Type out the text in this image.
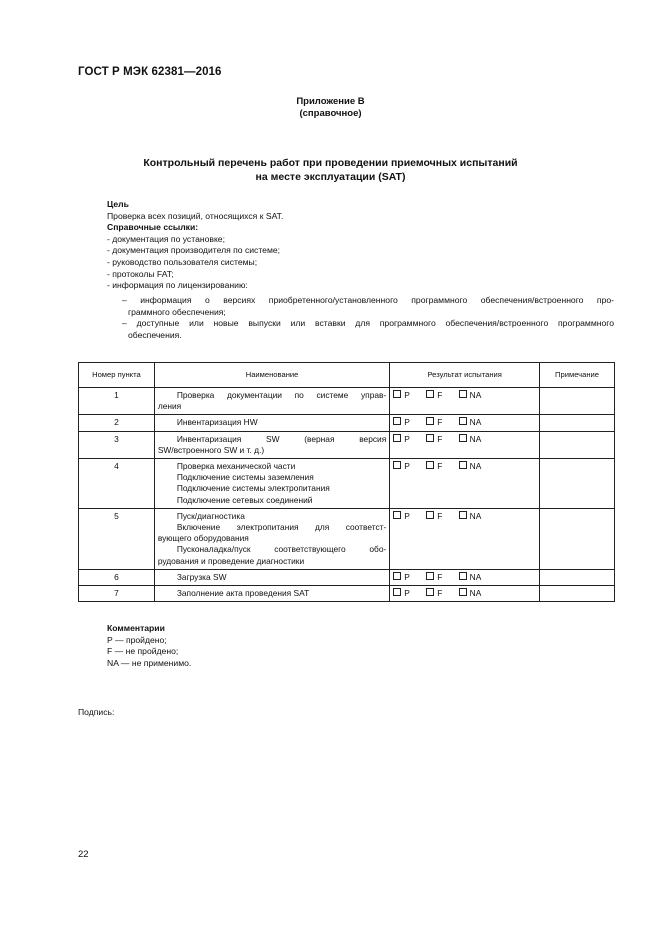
ГОСТ Р МЭК 62381—2016
Приложение В
(справочное)
Контрольный перечень работ при проведении приемочных испытаний
на месте эксплуатации (SAT)
Цель
Проверка всех позиций, относящихся к SAT.
Справочные ссылки:
- документация по установке;
- документация производителя по системе;
- руководство пользователя системы;
- протоколы FAT;
- информация по лицензированию:
– информация о версиях приобретенного/установленного программного обеспечения/встроенного про-
граммного обеспечения;
– доступные или новые выпуски или вставки для программного обеспечения/встроенного программного
обеспечения.
Номер пункта	Наименование	Результат испытания	Примечание
1	Проверка документации по системе управ-
ления	P F NA	
2	Инвентаризация HW	P F NA	
3	Инвентаризация SW (верная версия
SW/встроенного SW и т. д.)	P F NA	
4	Проверка механической части
Подключение системы заземления
Подключение системы электропитания
Подключение сетевых соединений	P F NA	
5	Пуск/диагностика
Включение электропитания для соответст-
вующего оборудования
Пусконаладка/пуск соответствующего обо-
рудования и проведение диагностики	P F NA	
6	Загрузка SW	P F NA	
7	Заполнение акта проведения SAT	P F NA	
Комментарии
P — пройдено;
F — не пройдено;
NA — не применимо.
Подпись:
22
